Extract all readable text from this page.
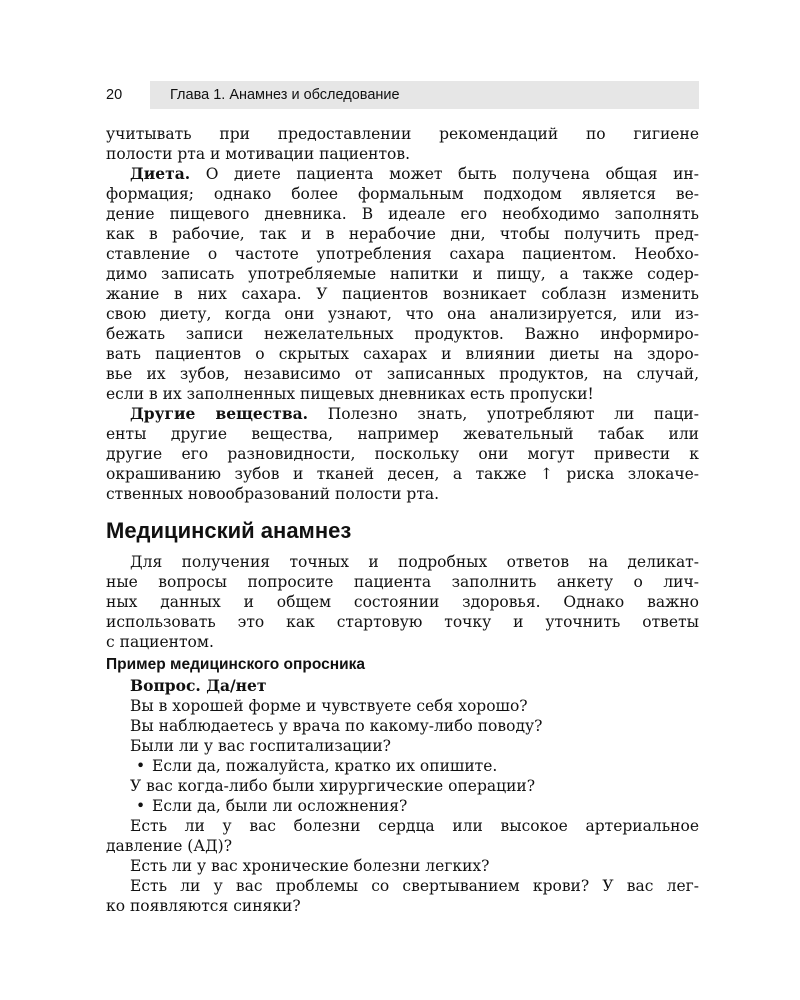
20	Глава 1. Анамнез и обследование
учитывать при предоставлении рекомендаций по гигиене
полости рта и мотивации пациентов.
Диета. О диете пациента может быть получена общая ин-
формация; однако более формальным подходом является ве-
дение пищевого дневника. В идеале его необходимо заполнять
как в рабочие, так и в нерабочие дни, чтобы получить пред-
ставление о частоте употребления сахара пациентом. Необхо-
димо записать употребляемые напитки и пищу, а также содер-
жание в них сахара. У пациентов возникает соблазн изменить
свою диету, когда они узнают, что она анализируется, или из-
бежать записи нежелательных продуктов. Важно информиро-
вать пациентов о скрытых сахарах и влиянии диеты на здоро-
вье их зубов, независимо от записанных продуктов, на случай,
если в их заполненных пищевых дневниках есть пропуски!
Другие вещества. Полезно знать, употребляют ли паци-
енты другие вещества, например жевательный табак или
другие его разновидности, поскольку они могут привести к
окрашиванию зубов и тканей десен, а также ↑ риска злокаче-
ственных новообразований полости рта.
Медицинский анамнез
Для получения точных и подробных ответов на деликат-
ные вопросы попросите пациента заполнить анкету о лич-
ных данных и общем состоянии здоровья. Однако важно
использовать это как стартовую точку и уточнить ответы
с пациентом.
Пример медицинского опросника
Вопрос. Да/нет
Вы в хорошей форме и чувствуете себя хорошо?
Вы наблюдаетесь у врача по какому-либо поводу?
Были ли у вас госпитализации?
• Если да, пожалуйста, кратко их опишите.
У вас когда-либо были хирургические операции?
• Если да, были ли осложнения?
Есть ли у вас болезни сердца или высокое артериальное
давление (АД)?
Есть ли у вас хронические болезни легких?
Есть ли у вас проблемы со свертыванием крови? У вас лег-
ко появляются синяки?
